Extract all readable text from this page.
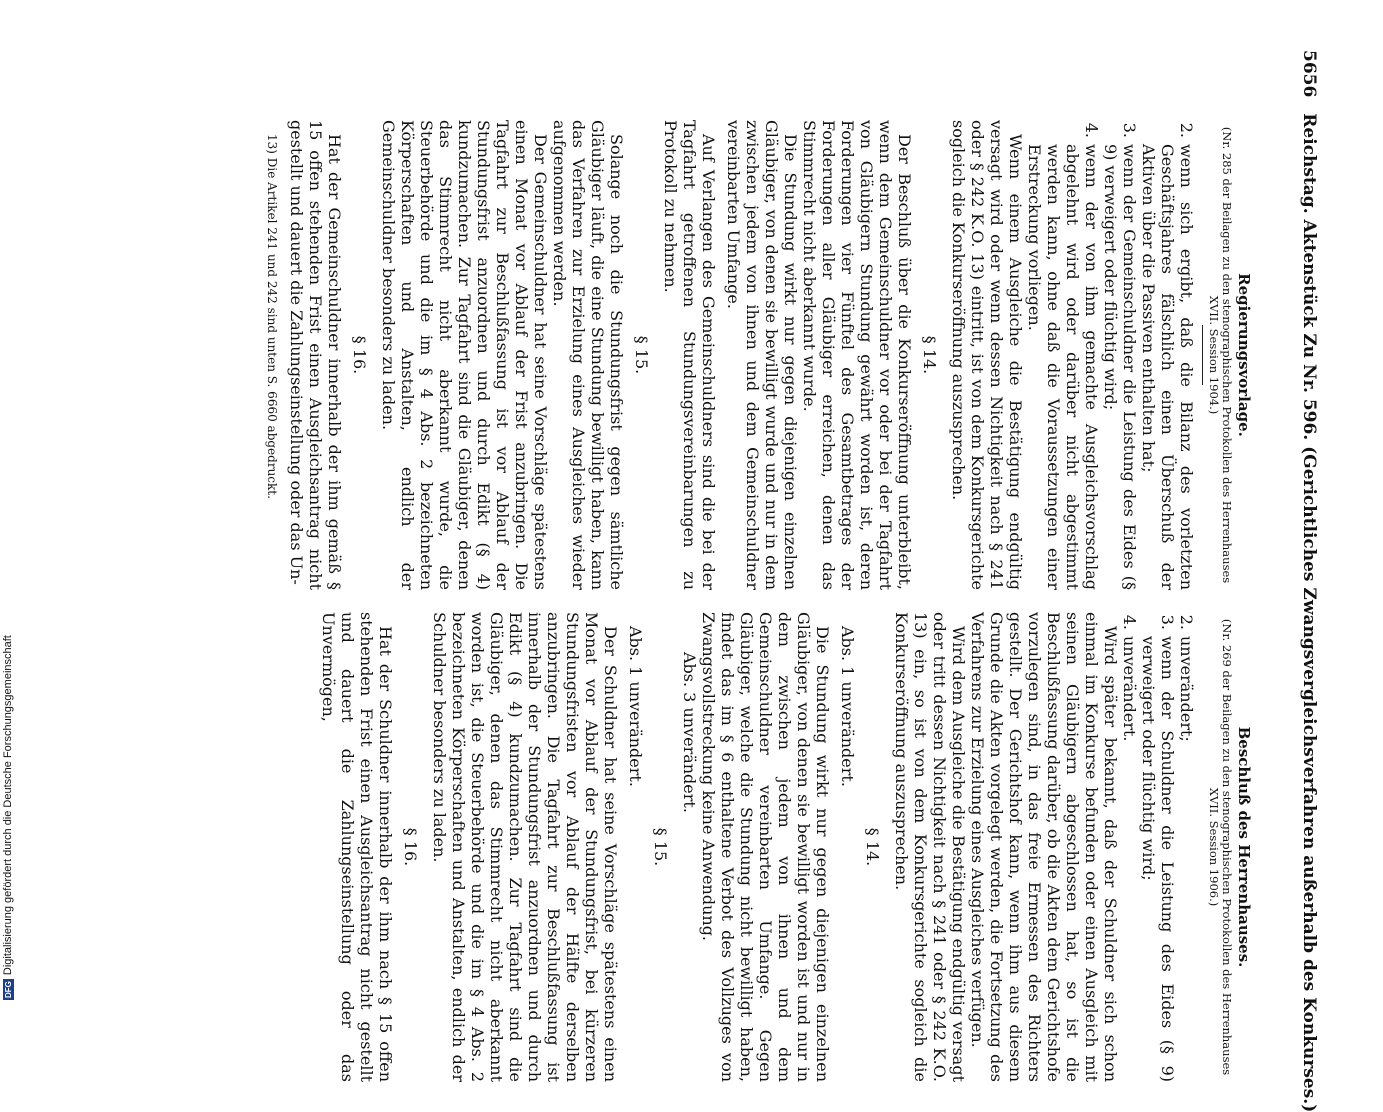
5656 Reichstag. Aktenstück Zu Nr. 596. (Gerichtliches Zwangsvergleichsverfahren außerhalb des Konkurses.)
Regierungsvorlage.
(Nr. 285 der Beilagen zu den stenographischen Protokollen des Herrenhauses XVII. Session 1904.)
2.
wenn sich ergibt, daß die Bilanz des vorletzten Geschäftsjahres fälschlich einen Überschuß der Aktiven über die Passiven enthalten hat;
3.
wenn der Gemeinschuldner die Leistung des Eides (§ 9) verweigert oder flüchtig wird;
4.
wenn der von ihm gemachte Ausgleichsvorschlag abgelehnt wird oder darüber nicht abgestimmt werden kann, ohne daß die Voraussetzungen einer Erstreckung vorliegen.

Wenn einem Ausgleiche die Bestätigung endgültig versagt wird oder wenn dessen Nichtigkeit nach § 241 oder § 242 K.O. 13) eintritt, ist von dem Konkursgerichte sogleich die Konkurseröffnung auszusprechen.

§ 14.

Der Beschluß über die Konkurseröffnung unterbleibt, wenn dem Gemeinschuldner vor oder bei der Tagfahrt von Gläubigern Stundung gewährt worden ist, deren Forderungen vier Fünftel des Gesamtbetrages der Forderungen aller Gläubiger erreichen, denen das Stimmrecht nicht aberkannt wurde.

Die Stundung wirkt nur gegen diejenigen einzelnen Gläubiger, von denen sie bewilligt wurde und nur in dem zwischen jedem von ihnen und dem Gemeinschuldner vereinbarten Umfange.

Auf Verlangen des Gemeinschuldners sind die bei der Tagfahrt getroffenen Stundungsvereinbarungen zu Protokoll zu nehmen.

§ 15.

Solange noch die Stundungsfrist gegen sämtliche Gläubiger läuft, die eine Stundung bewilligt haben, kann das Verfahren zur Erzielung eines Ausgleiches wieder aufgenommen werden.

Der Gemeinschuldner hat seine Vorschläge spätestens einen Monat vor Ablauf der Frist anzubringen. Die Tagfahrt zur Beschlußfassung ist vor Ablauf der Stundungsfrist anzuordnen und durch Edikt (§ 4) kundzumachen. Zur Tagfahrt sind die Gläubiger, denen das Stimmrecht nicht aberkannt wurde, die Steuerbehörde und die im § 4 Abs. 2 bezeichneten Körperschaften und Anstalten, endlich der Gemeinschuldner besonders zu laden.

§ 16.

Hat der Gemeinschuldner innerhalb der ihm gemäß § 15 offen stehenden Frist einen Ausgleichsantrag nicht gestellt und dauert die Zahlungseinstellung oder das Un-

13) Die Artikel 241 und 242 sind unten S. 6660 abgedruckt.
Beschluß des Herrenhauses.
(Nr. 269 der Beilagen zu den stenographischen Protokollen des Herrenhauses XVII. Session 1906.)
2.
unverändert;
3.
wenn der Schuldner die Leistung des Eides (§ 9) verweigert oder flüchtig wird;
4.
unverändert.

Wird später bekannt, daß der Schuldner sich schon einmal im Konkurse befunden oder einen Ausgleich mit seinen Gläubigern abgeschlossen hat, so ist die Beschlußfassung darüber, ob die Akten dem Gerichtshofe vorzulegen sind, in das freie Ermessen des Richters gestellt. Der Gerichtshof kann, wenn ihm aus diesem Grunde die Akten vorgelegt werden, die Fortsetzung des Verfahrens zur Erzielung eines Ausgleiches verfügen.

Wird dem Ausgleiche die Bestätigung endgültig versagt oder tritt dessen Nichtigkeit nach § 241 oder § 242 K.O. 13) ein, so ist von dem Konkursgerichte sogleich die Konkurseröffnung auszusprechen.

§ 14.

Abs. 1 unverändert.

Die Stundung wirkt nur gegen diejenigen einzelnen Gläubiger, von denen sie bewilligt worden ist und nur in dem zwischen jedem von ihnen und dem Gemeinschuldner vereinbarten Umfange. Gegen Gläubiger, welche die Stundung nicht bewilligt haben, findet das im § 6 enthaltene Verbot des Vollzuges von Zwangsvollstreckung keine Anwendung.

Abs. 3 unverändert.

§ 15.

Abs. 1 unverändert.

Der Schuldner hat seine Vorschläge spätestens einen Monat vor Ablauf der Stundungsfrist, bei kürzeren Stundungsfristen vor Ablauf der Hälfte derselben anzubringen. Die Tagfahrt zur Beschlußfassung ist innerhalb der Stundungsfrist anzuordnen und durch Edikt (§ 4) kundzumachen. Zur Tagfahrt sind die Gläubiger, denen das Stimmrecht nicht aberkannt worden ist, die Steuerbehörde und die im § 4 Abs. 2 bezeichneten Körperschaften und Anstalten, endlich der Schuldner besonders zu laden.

§ 16.

Hat der Schuldner innerhalb der ihm nach § 15 offen stehenden Frist einen Ausgleichsantrag nicht gestellt und dauert die Zahlungseinstellung oder das Unvermögen,

DFG
Digitalisierung gefördert durch die Deutsche Forschungsgemeinschaft
